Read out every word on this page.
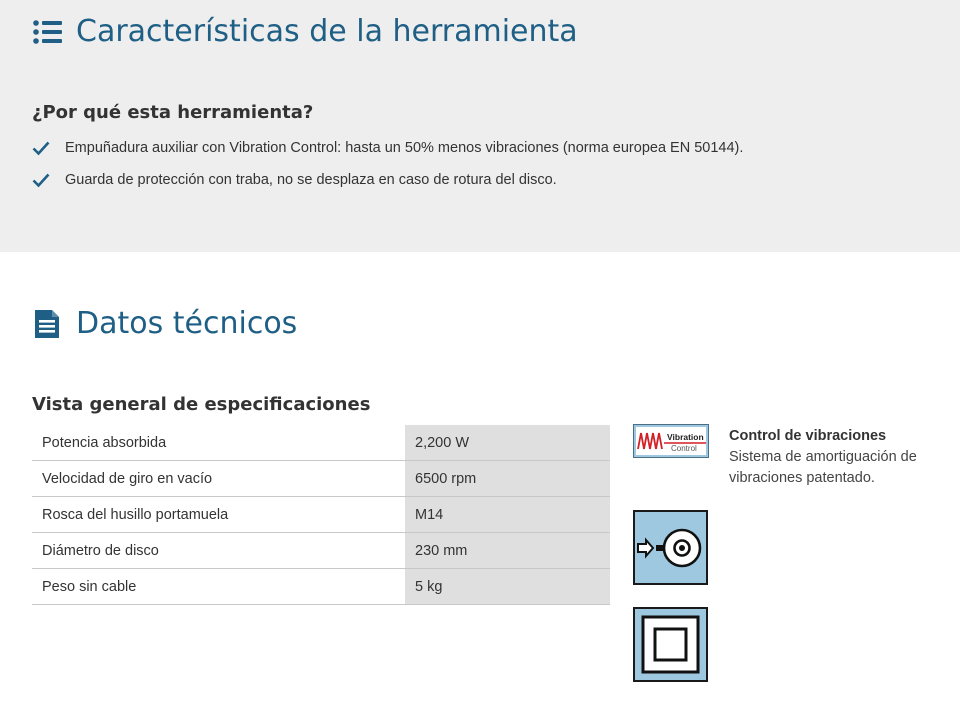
Características de la herramienta
¿Por qué esta herramienta?
Empuñadura auxiliar con Vibration Control: hasta un 50% menos vibraciones (norma europea EN 50144).
Guarda de protección con traba, no se desplaza en caso de rotura del disco.
Datos técnicos
Vista general de especificaciones
Potencia absorbida	2,200 W
Velocidad de giro en vacío	6500 rpm
Rosca del husillo portamuela	M14
Diámetro de disco	230 mm
Peso sin cable	5 kg
Vibration
Control
Control de vibraciones
Sistema de amortiguación de vibraciones patentado.
